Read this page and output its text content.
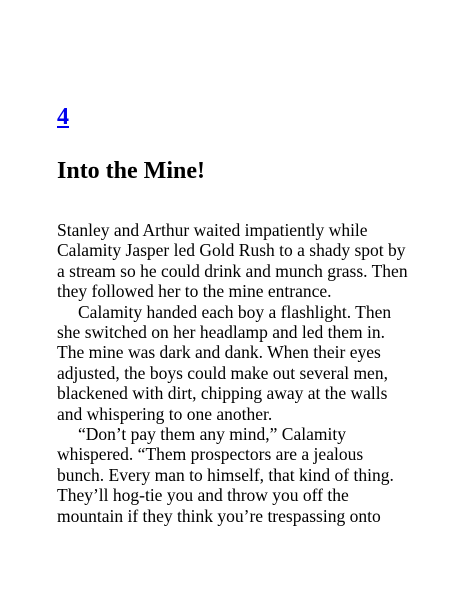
4
Into the Mine!

Stanley and Arthur waited impatiently while
Calamity Jasper led Gold Rush to a shady spot by
a stream so he could drink and munch grass. Then
they followed her to the mine entrance.

Calamity handed each boy a flashlight. Then
she switched on her headlamp and led them in.
The mine was dark and dank. When their eyes
adjusted, the boys could make out several men,
blackened with dirt, chipping away at the walls
and whispering to one another.

“Don’t pay them any mind,” Calamity
whispered. “Them prospectors are a jealous
bunch. Every man to himself, that kind of thing.
They’ll hog-tie you and throw you off the
mountain if they think you’re trespassing onto
